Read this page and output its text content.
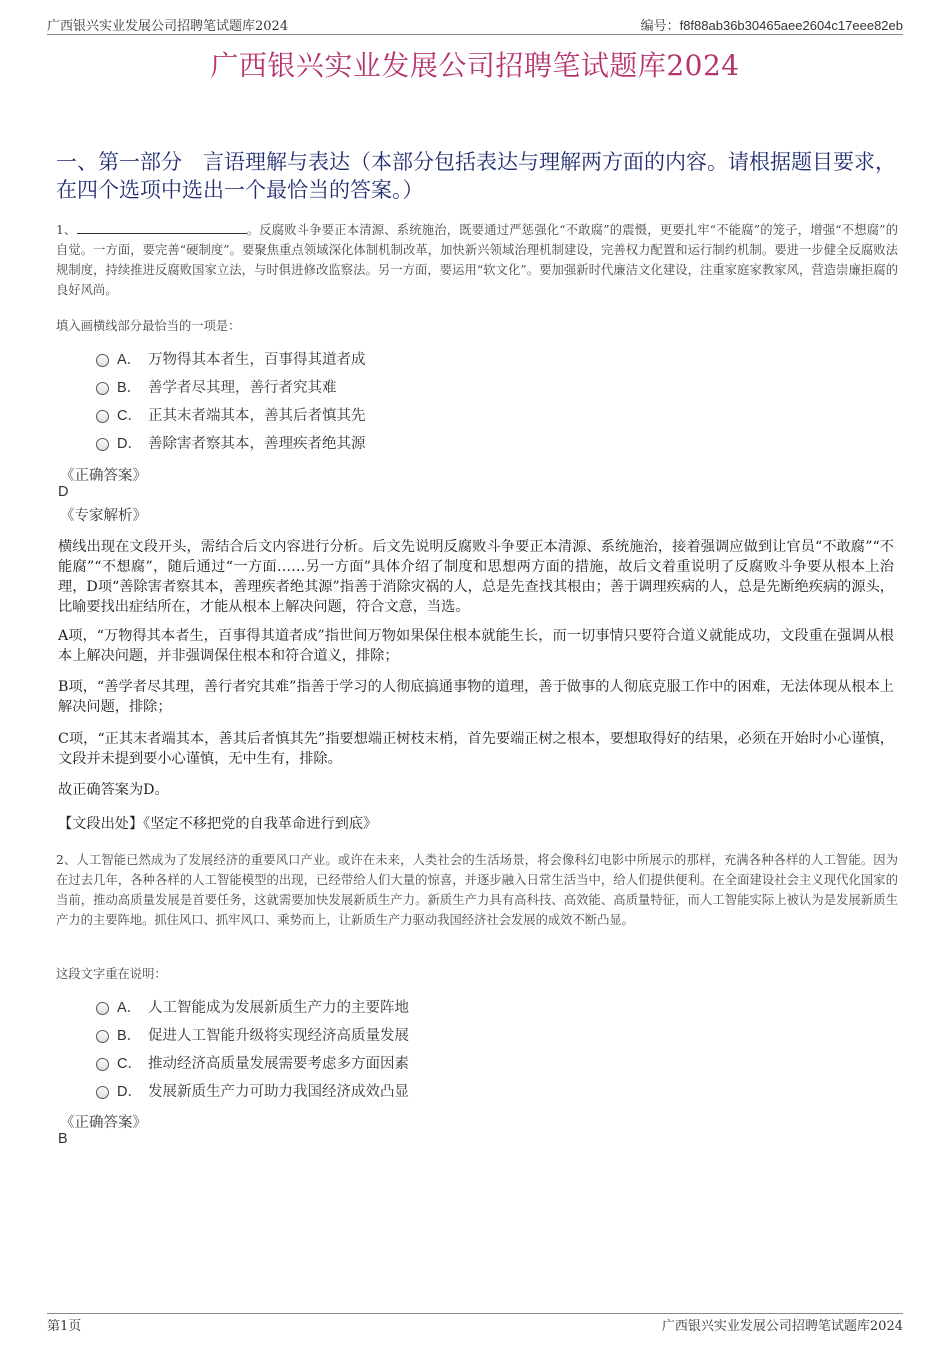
广西银兴实业发展公司招聘笔试题库2024	编号：f8f88ab36b30465aee2604c17eee82eb
广西银兴实业发展公司招聘笔试题库2024
一、第一部分　言语理解与表达（本部分包括表达与理解两方面的内容。请根据题目要求，在四个选项中选出一个最恰当的答案。）
1、	。反腐败斗争要正本清源、系统施治，既要通过严惩强化“不敢腐”的震慑，更要扎牢“不能腐”的笼子，增强“不想腐”的自觉。一方面，要完善“硬制度”。要聚焦重点领域深化体制机制改革，加快新兴领域治理机制建设，完善权力配置和运行制约机制。要进一步健全反腐败法规制度，持续推进反腐败国家立法，与时俱进修改监察法。另一方面，要运用“软文化”。要加强新时代廉洁文化建设，注重家庭家教家风，营造崇廉拒腐的良好风尚。
填入画横线部分最恰当的一项是：
A． 万物得其本者生，百事得其道者成
B． 善学者尽其理，善行者究其难
C． 正其末者端其本，善其后者慎其先
D． 善除害者察其本，善理疾者绝其源
《正确答案》
D
《专家解析》
横线出现在文段开头，需结合后文内容进行分析。后文先说明反腐败斗争要正本清源、系统施治，接着强调应做到让官员“不敢腐”“不能腐”“不想腐”，随后通过“一方面……另一方面”具体介绍了制度和思想两方面的措施，故后文着重说明了反腐败斗争要从根本上治理，D项“善除害者察其本，善理疾者绝其源”指善于消除灾祸的人，总是先查找其根由；善于调理疾病的人，总是先断绝疾病的源头，比喻要找出症结所在，才能从根本上解决问题，符合文意，当选。
A项，“万物得其本者生，百事得其道者成”指世间万物如果保住根本就能生长，而一切事情只要符合道义就能成功，文段重在强调从根本上解决问题，并非强调保住根本和符合道义，排除；
B项，“善学者尽其理，善行者究其难”指善于学习的人彻底搞通事物的道理，善于做事的人彻底克服工作中的困难，无法体现从根本上解决问题，排除；
C项，“正其末者端其本，善其后者慎其先”指要想端正树枝末梢，首先要端正树之根本，要想取得好的结果，必须在开始时小心谨慎，文段并未提到要小心谨慎，无中生有，排除。
故正确答案为D。
【文段出处】《坚定不移把党的自我革命进行到底》
2、人工智能已然成为了发展经济的重要风口产业。或许在未来，人类社会的生活场景，将会像科幻电影中所展示的那样，充满各种各样的人工智能。因为在过去几年，各种各样的人工智能模型的出现，已经带给人们大量的惊喜，并逐步融入日常生活当中，给人们提供便利。在全面建设社会主义现代化国家的当前，推动高质量发展是首要任务，这就需要加快发展新质生产力。新质生产力具有高科技、高效能、高质量特征，而人工智能实际上被认为是发展新质生产力的主要阵地。抓住风口、抓牢风口、乘势而上，让新质生产力驱动我国经济社会发展的成效不断凸显。
这段文字重在说明：
A． 人工智能成为发展新质生产力的主要阵地
B． 促进人工智能升级将实现经济高质量发展
C． 推动经济高质量发展需要考虑多方面因素
D． 发展新质生产力可助力我国经济成效凸显
《正确答案》
B
第1页	广西银兴实业发展公司招聘笔试题库2024
